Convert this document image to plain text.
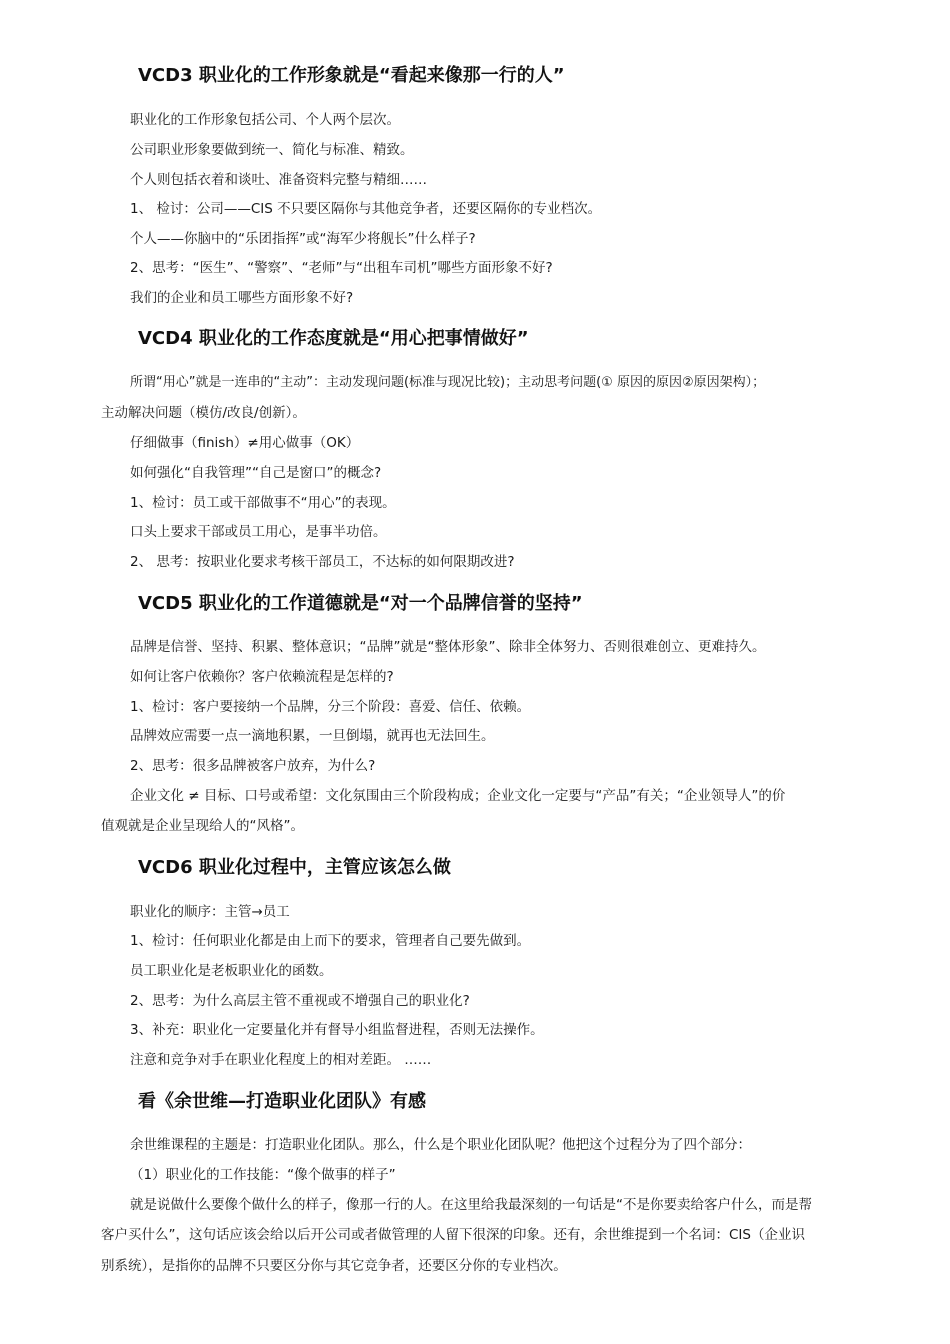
VCD3 职业化的工作形象就是“看起来像那一行的人”
职业化的工作形象包括公司、个人两个层次。
公司职业形象要做到统一、简化与标准、精致。
个人则包括衣着和谈吐、准备资料完整与精细……
1、 检讨：公司——CIS 不只要区隔你与其他竞争者，还要区隔你的专业档次。
个人——你脑中的“乐团指挥”或“海军少将舰长”什么样子?
2、思考：“医生”、“警察”、“老师”与“出租车司机”哪些方面形象不好?
我们的企业和员工哪些方面形象不好?
VCD4 职业化的工作态度就是“用心把事情做好”
所谓“用心”就是一连串的“主动”：主动发现问题(标准与现况比较)；主动思考问题(① 原因的原因②原因架构）；
主动解决问题（模仿/改良/创新）。
仔细做事（finish）≠用心做事（OK）
如何强化“自我管理”“自己是窗口”的概念?
1、检讨：员工或干部做事不“用心”的表现。
口头上要求干部或员工用心，是事半功倍。
2、 思考：按职业化要求考核干部员工，不达标的如何限期改进?
VCD5 职业化的工作道德就是“对一个品牌信誉的坚持”
品牌是信誉、坚持、积累、整体意识；“品牌”就是“整体形象”、除非全体努力、否则很难创立、更难持久。
如何让客户依赖你？客户依赖流程是怎样的?
1、检讨：客户要接纳一个品牌，分三个阶段：喜爱、信任、依赖。
品牌效应需要一点一滴地积累，一旦倒塌，就再也无法回生。
2、思考：很多品牌被客户放弃，为什么?
企业文化 ≠ 目标、口号或希望：文化氛围由三个阶段构成；企业文化一定要与“产品”有关；“企业领导人”的价
值观就是企业呈现给人的“风格”。
VCD6 职业化过程中，主管应该怎么做
职业化的顺序：主管→员工
1、检讨：任何职业化都是由上而下的要求，管理者自己要先做到。
员工职业化是老板职业化的函数。
2、思考：为什么高层主管不重视或不增强自己的职业化?
3、补充：职业化一定要量化并有督导小组监督进程，否则无法操作。
注意和竞争对手在职业化程度上的相对差距。 ……
看《余世维—打造职业化团队》有感
余世维课程的主题是：打造职业化团队。那么，什么是个职业化团队呢？他把这个过程分为了四个部分：
（1）职业化的工作技能：“像个做事的样子”
就是说做什么要像个做什么的样子，像那一行的人。在这里给我最深刻的一句话是“不是你要卖给客户什么，而是帮
客户买什么”，这句话应该会给以后开公司或者做管理的人留下很深的印象。还有，余世维提到一个名词：CIS（企业识
别系统），是指你的品牌不只要区分你与其它竞争者，还要区分你的专业档次。
